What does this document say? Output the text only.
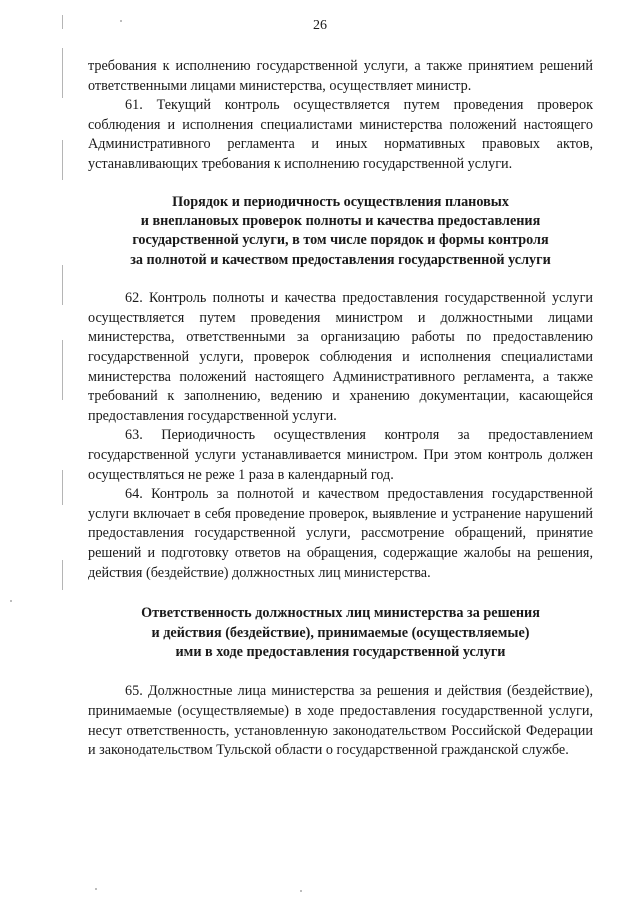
26

требования к исполнению государственной услуги, а также принятием решений ответственными лицами министерства, осуществляет министр.

61. Текущий контроль осуществляется путем проведения проверок соблюдения и исполнения специалистами министерства положений настоящего Административного регламента и иных нормативных правовых актов, устанавливающих требования к исполнению государственной услуги.

Порядок и периодичность осуществления плановых
и внеплановых проверок полноты и качества предоставления
государственной услуги, в том числе порядок и формы контроля
за полнотой и качеством предоставления государственной услуги

62. Контроль полноты и качества предоставления государственной услуги осуществляется путем проведения министром и должностными лицами министерства, ответственными за организацию работы по предоставлению государственной услуги, проверок соблюдения и исполнения специалистами министерства положений настоящего Административного регламента, а также требований к заполнению, ведению и хранению документации, касающейся предоставления государственной услуги.

63. Периодичность осуществления контроля за предоставлением государственной услуги устанавливается министром. При этом контроль должен осуществляться не реже 1 раза в календарный год.

64. Контроль за полнотой и качеством предоставления государственной услуги включает в себя проведение проверок, выявление и устранение нарушений предоставления государственной услуги, рассмотрение обращений, принятие решений и подготовку ответов на обращения, содержащие жалобы на решения, действия (бездействие) должностных лиц министерства.

Ответственность должностных лиц министерства за решения
и действия (бездействие), принимаемые (осуществляемые)
ими в ходе предоставления государственной услуги

65. Должностные лица министерства за решения и действия (бездействие), принимаемые (осуществляемые) в ходе предоставления государственной услуги, несут ответственность, установленную законодательством Российской Федерации и законодательством Тульской области о государственной гражданской службе.
